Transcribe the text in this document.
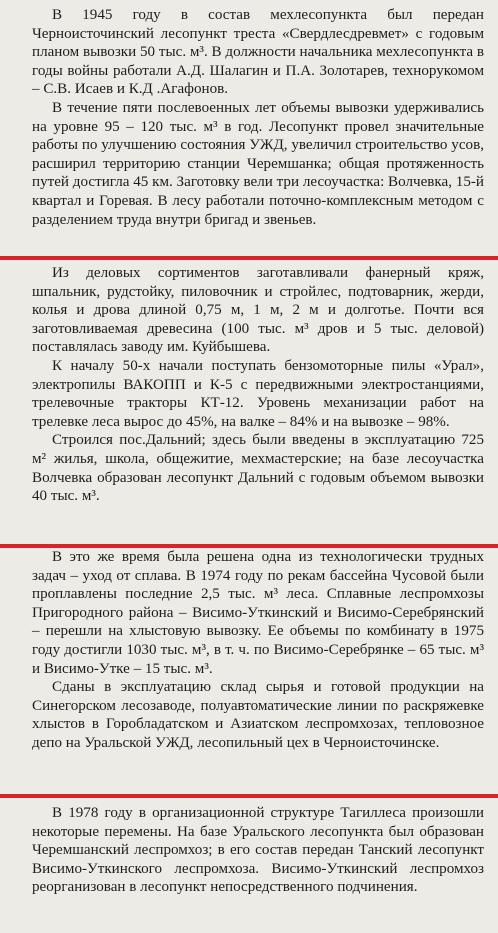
В 1945 году в состав мехлесопункта был передан Черноисточинский лесопункт треста «Свердлесдревмет» с годовым планом вывозки 50 тыс. м³. В должности начальника мехлесопункта в годы войны работали А.Д. Шалагин и П.А. Золотарев, технорукомом – С.В. Исаев и К.Д .Агафонов.

В течение пяти послевоенных лет объемы вывозки удерживались на уровне 95 – 120 тыс. м³ в год. Лесопункт провел значительные работы по улучшению состояния УЖД, увеличил строительство усов, расширил территорию станции Черемшанка; общая протяженность путей достигла 45 км. Заготовку вели три лесоучастка: Волчевка, 15-й квартал и Горевая. В лесу работали поточно-комплексным методом с разделением труда внутри бригад и звеньев.

Из деловых сортиментов заготавливали фанерный кряж, шпальник, рудстойку, пиловочник и стройлес, подтоварник, жерди, колья и дрова длиной 0,75 м, 1 м, 2 м и долготье. Почти вся заготовливаемая древесина (100 тыс. м³ дров и 5 тыс. деловой) поставлялась заводу им. Куйбышева.

К началу 50-х начали поступать бензомоторные пилы «Урал», электропилы ВАКОПП и К-5 с передвижными электростанциями, трелевочные тракторы КТ-12. Уровень механизации работ на трелевке леса вырос до 45%, на валке – 84% и на вывозке – 98%.

Строился пос.Дальний; здесь были введены в эксплуатацию 725 м² жилья, школа, общежитие, мехмастерские; на базе лесоучастка Волчевка образован лесопункт Дальний с годовым объемом вывозки 40 тыс. м³.

В это же время была решена одна из технологически трудных задач – уход от сплава. В 1974 году по рекам бассейна Чусовой были проплавлены последние 2,5 тыс. м³ леса. Сплавные леспромхозы Пригородного района – Висимо-Уткинский и Висимо-Серебрянский – перешли на хлыстовую вывозку. Ее объемы по комбинату в 1975 году достигли 1030 тыс. м³, в т. ч. по Висимо-Серебрянке – 65 тыс. м³ и Висимо-Утке – 15 тыс. м³.

Сданы в эксплуатацию склад сырья и готовой продукции на Синегорском лесозаводе, полуавтоматические линии по раскряжевке хлыстов в Горобладатском и Азиатском леспромхозах, тепловозное депо на Уральской УЖД, лесопильный цех в Черноисточинске.

В 1978 году в организационной структуре Тагиллеса произошли некоторые перемены. На базе Уральского лесопункта был образован Черемшанский леспромхоз; в его состав передан Танский лесопункт Висимо-Уткинского леспромхоза. Висимо-Уткинский леспромхоз реорганизован в лесопункт непосредственного подчинения.
